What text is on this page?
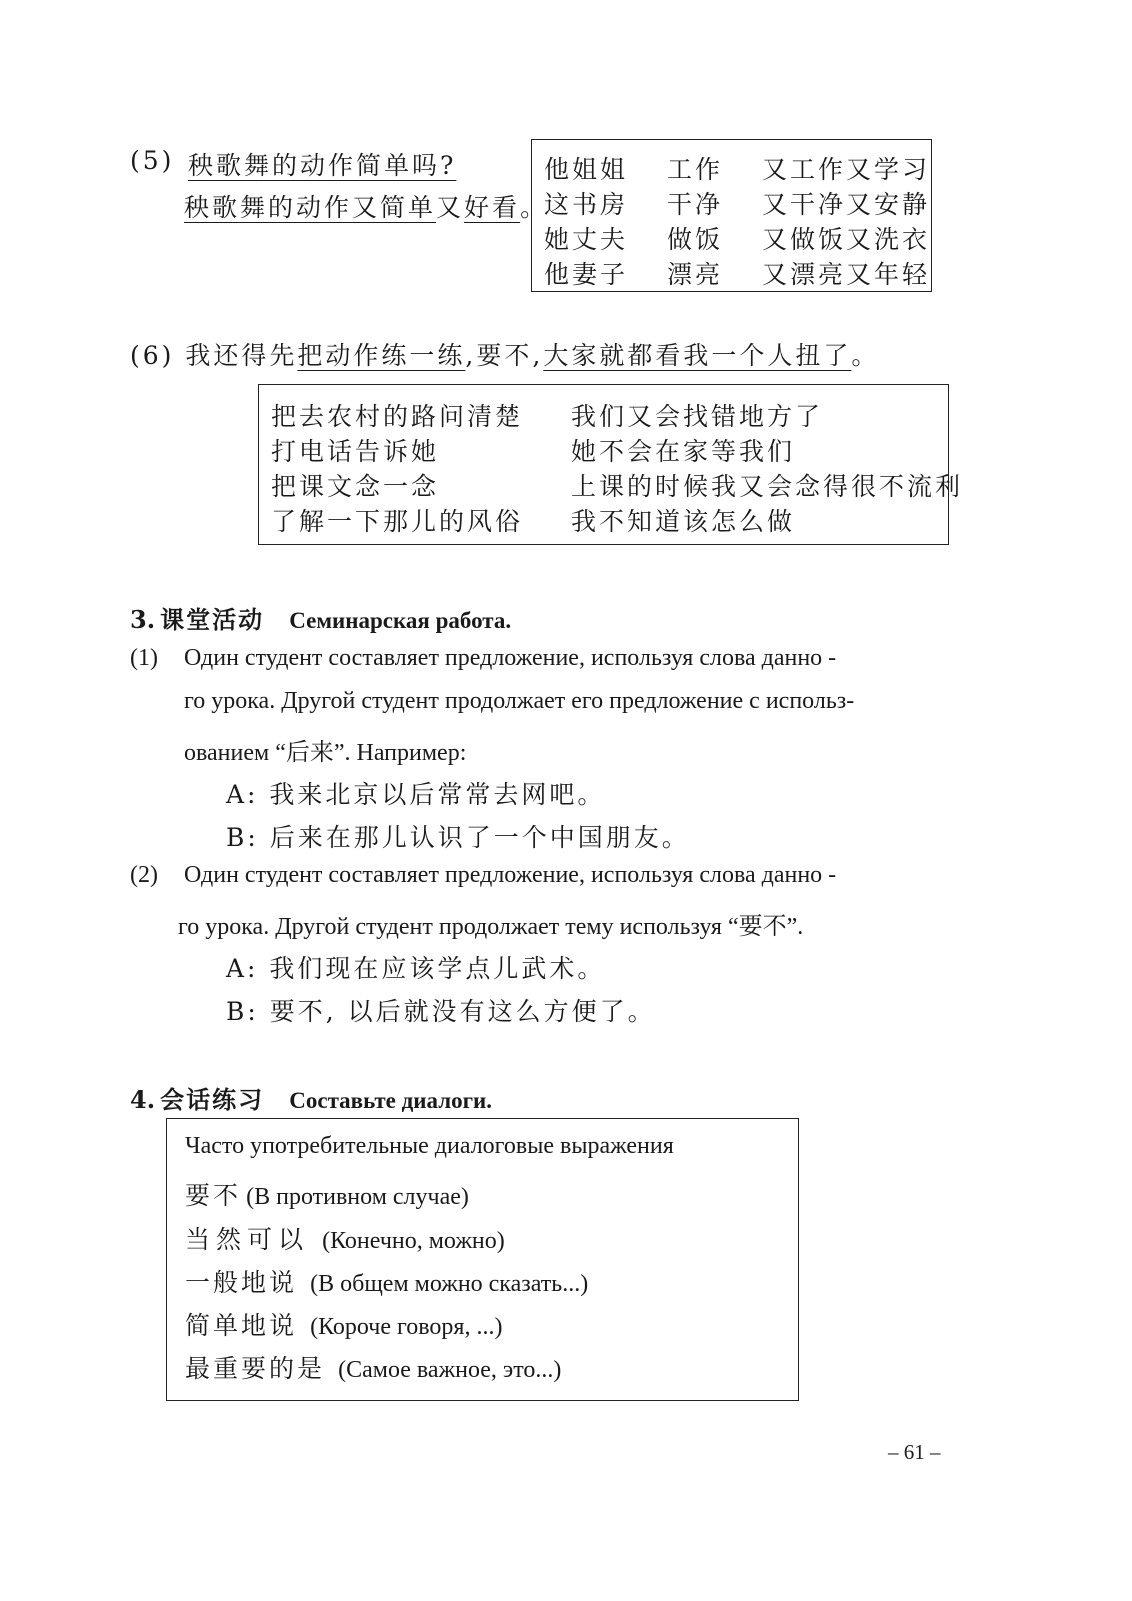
(5) 秧歌舞的动作简单吗?
秧歌舞的动作又简单又好看。
他姐姐 工作 又工作又学习
这书房 干净 又干净又安静
她丈夫 做饭 又做饭又洗衣
他妻子 漂亮 又漂亮又年轻
(6) 我还得先把动作练一练,要不,大家就都看我一个人扭了。
把去农村的路问清楚 我们又会找错地方了
打电话告诉她	她不会在家等我们
把课文念一念	上课的时候我又会念得很不流利
了解一下那儿的风俗 我不知道该怎么做
3. 课堂活动 Семинарская работа.
(1) Один студент составляет предложение, используя слова данно -
го урока. Другой студент продолжает его предложение с использ-
ованием “后来”. Например:
A: 我来北京以后常常去网吧。
B: 后来在那儿认识了一个中国朋友。
(2) Один студент составляет предложение, используя слова данно -
го урока. Другой студент продолжает тему используя “要不”.
A: 我们现在应该学点儿武术。
B: 要不, 以后就没有这么方便了。
4. 会话练习 Составьте диалоги.
Часто употребительные диалоговые выражения
要不 (В противном случае)
当然可以 (Конечно, можно)
一般地说 (В общем можно сказать...)
简单地说 (Короче говоря, ...)
最重要的是 (Самое важное, это...)
– 61 –
